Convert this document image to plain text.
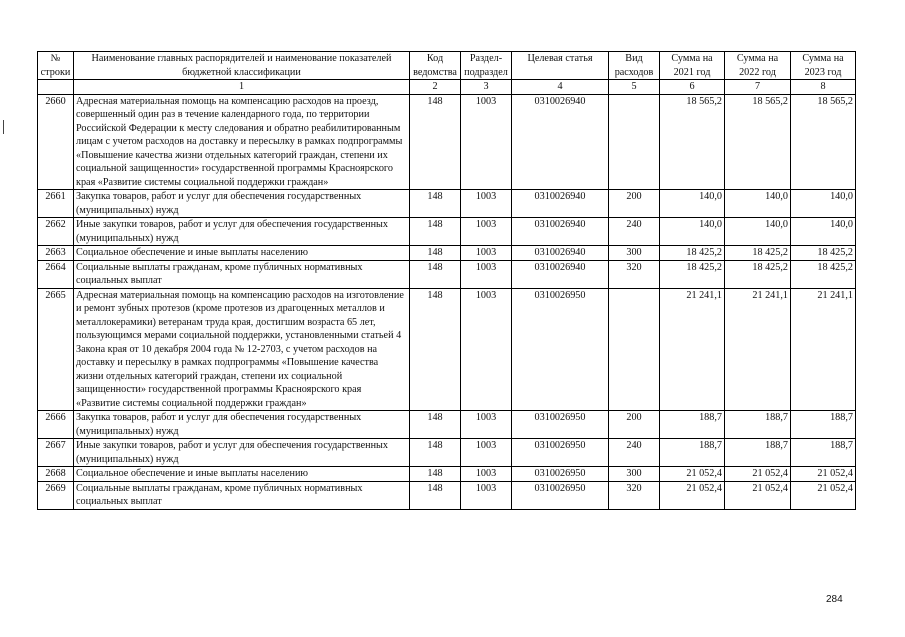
№ строки	Наименование главных распорядителей и наименование показателей бюджетной классификации	Код ведомства	Раздел-подраздел	Целевая статья	Вид расходов	Сумма на 2021 год	Сумма на 2022 год	Сумма на 2023 год
	1	2	3	4	5	6	7	8
2660	Адресная материальная помощь на компенсацию расходов на проезд, совершенный один раз в течение календарного года, по территории Российской Федерации к месту следования и обратно реабилитированным лицам с учетом расходов на доставку и пересылку в рамках подпрограммы «Повышение качества жизни отдельных категорий граждан, степени их социальной защищенности» государственной программы Красноярского края «Развитие системы социальной поддержки граждан»	148	1003	0310026940		18 565,2	18 565,2	18 565,2
2661	Закупка товаров, работ и услуг для обеспечения государственных (муниципальных) нужд	148	1003	0310026940	200	140,0	140,0	140,0
2662	Иные закупки товаров, работ и услуг для обеспечения государственных (муниципальных) нужд	148	1003	0310026940	240	140,0	140,0	140,0
2663	Социальное обеспечение и иные выплаты населению	148	1003	0310026940	300	18 425,2	18 425,2	18 425,2
2664	Социальные выплаты гражданам, кроме публичных нормативных социальных выплат	148	1003	0310026940	320	18 425,2	18 425,2	18 425,2
2665	Адресная материальная помощь на компенсацию расходов на изготовление и ремонт зубных протезов (кроме протезов из драгоценных металлов и металлокерамики) ветеранам труда края, достигшим возраста 65 лет, пользующимся мерами социальной поддержки, установленными статьей 4 Закона края от 10 декабря 2004 года № 12-2703, с учетом расходов на доставку и пересылку в рамках подпрограммы «Повышение качества жизни отдельных категорий граждан, степени их социальной защищенности» государственной программы Красноярского края «Развитие системы социальной поддержки граждан»	148	1003	0310026950		21 241,1	21 241,1	21 241,1
2666	Закупка товаров, работ и услуг для обеспечения государственных (муниципальных) нужд	148	1003	0310026950	200	188,7	188,7	188,7
2667	Иные закупки товаров, работ и услуг для обеспечения государственных (муниципальных) нужд	148	1003	0310026950	240	188,7	188,7	188,7
2668	Социальное обеспечение и иные выплаты населению	148	1003	0310026950	300	21 052,4	21 052,4	21 052,4
2669	Социальные выплаты гражданам, кроме публичных нормативных социальных выплат	148	1003	0310026950	320	21 052,4	21 052,4	21 052,4
284
